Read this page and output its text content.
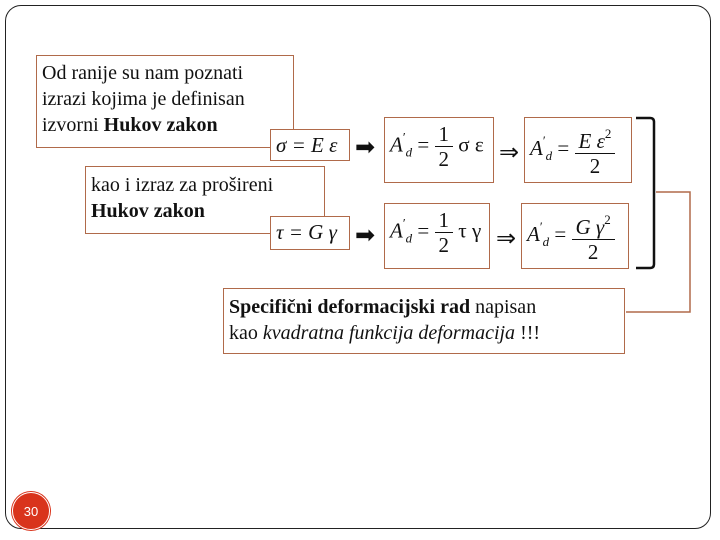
Od ranije su nam poznati
izrazi kojima je definisan
izvorni Hukov zakon
σ = E ε ➡ $A'_d = \frac{1}{2}$ σ ε ⇒ $A'_d = \frac{E \varepsilon^2}{2}$
kao i izraz za prošireni
Hukov zakon
τ = G γ ➡ $A'_d = \frac{1}{2}$ τ γ ⇒ $A'_d = \frac{G \gamma^2}{2}$
Specifični deformacijski rad napisan
kao kvadratna funkcija deformacija !!!
30
